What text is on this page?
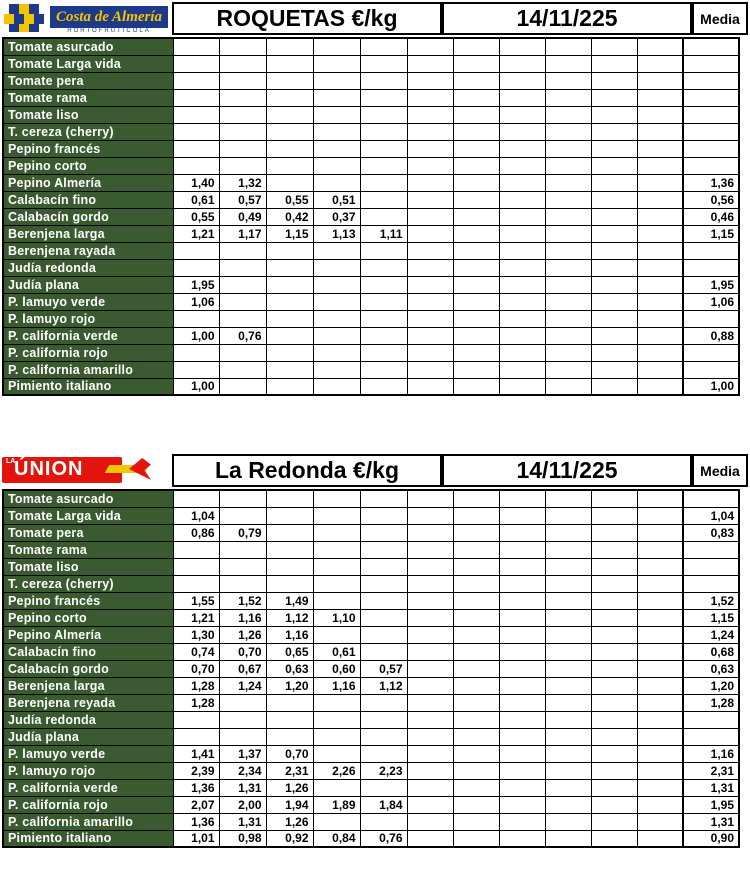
Costa de Almería
HORTOFRUTICOLA	ROQUETAS €/kg	14/11/225	Media
Tomate asurcado												
Tomate Larga vida												
Tomate pera												
Tomate rama												
Tomate liso												
T. cereza (cherry)												
Pepino francés												
Pepino corto												
Pepino Almería	1,40	1,32										1,36
Calabacín fino	0,61	0,57	0,55	0,51								0,56
Calabacín gordo	0,55	0,49	0,42	0,37								0,46
Berenjena larga	1,21	1,17	1,15	1,13	1,11							1,15
Berenjena rayada												
Judía redonda												
Judía plana	1,95											1,95
P. lamuyo verde	1,06											1,06
P. lamuyo rojo												
P. california verde	1,00	0,76										0,88
P. california rojo												
P. california amarillo												
Pimiento italiano	1,00											1,00
LA
ÚNION	La Redonda €/kg	14/11/225	Media
Tomate asurcado												
Tomate Larga vida	1,04											1,04
Tomate pera	0,86	0,79										0,83
Tomate rama												
Tomate liso												
T. cereza (cherry)												
Pepino francés	1,55	1,52	1,49									1,52
Pepino corto	1,21	1,16	1,12	1,10								1,15
Pepino Almería	1,30	1,26	1,16									1,24
Calabacín fino	0,74	0,70	0,65	0,61								0,68
Calabacín gordo	0,70	0,67	0,63	0,60	0,57							0,63
Berenjena larga	1,28	1,24	1,20	1,16	1,12							1,20
Berenjena reyada	1,28											1,28
Judía redonda												
Judía plana												
P. lamuyo verde	1,41	1,37	0,70									1,16
P. lamuyo rojo	2,39	2,34	2,31	2,26	2,23							2,31
P. california verde	1,36	1,31	1,26									1,31
P. california rojo	2,07	2,00	1,94	1,89	1,84							1,95
P. california amarillo	1,36	1,31	1,26									1,31
Pimiento italiano	1,01	0,98	0,92	0,84	0,76							0,90
